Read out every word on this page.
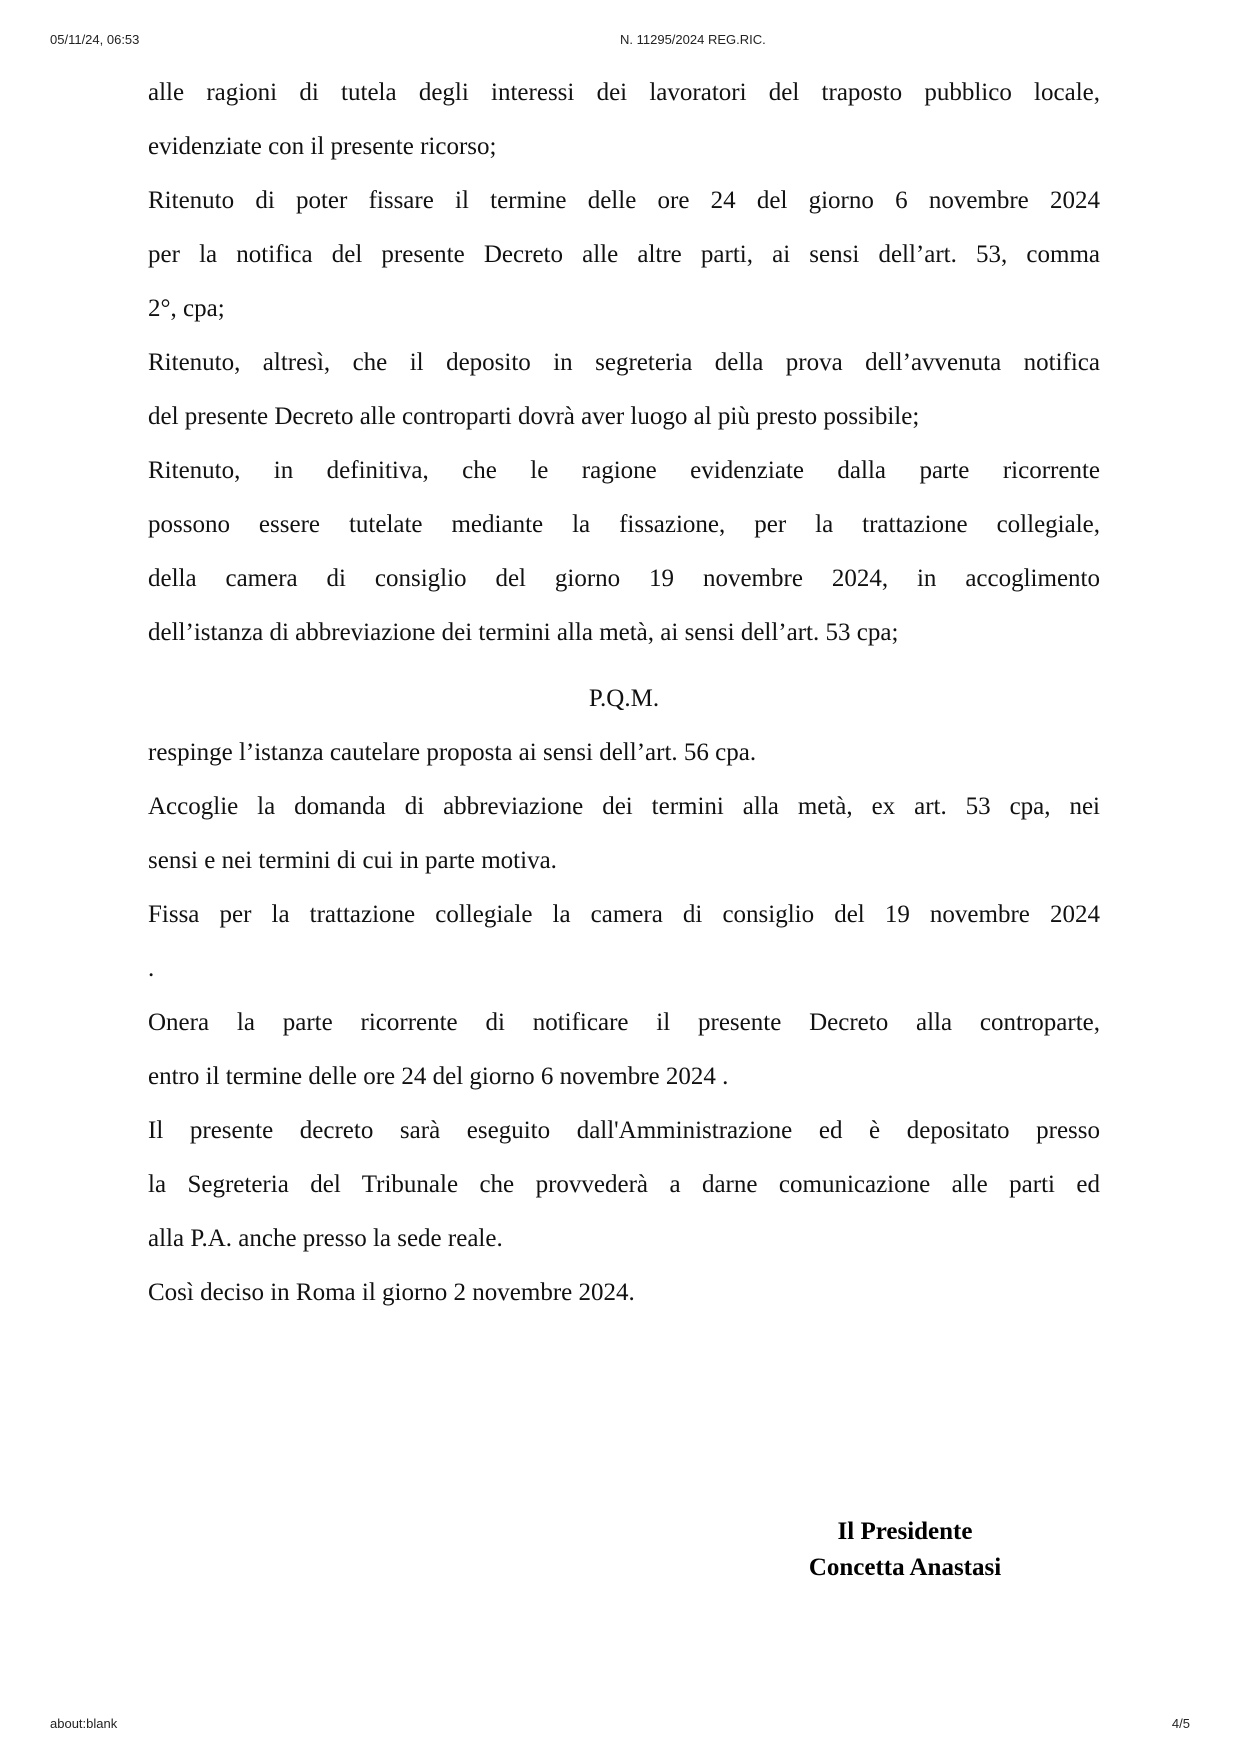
05/11/24, 06:53	N. 11295/2024 REG.RIC.
alle ragioni di tutela degli interessi dei lavoratori del traposto pubblico locale,
evidenziate con il presente ricorso;
Ritenuto di poter fissare il termine delle ore 24 del giorno 6 novembre 2024
per la notifica del presente Decreto alle altre parti, ai sensi dell’art. 53, comma
2°, cpa;
Ritenuto, altresì, che il deposito in segreteria della prova dell’avvenuta notifica
del presente Decreto alle controparti dovrà aver luogo al più presto possibile;
Ritenuto, in definitiva, che le ragione evidenziate dalla parte ricorrente
possono essere tutelate mediante la fissazione, per la trattazione collegiale,
della camera di consiglio del giorno 19 novembre 2024, in accoglimento
dell’istanza di abbreviazione dei termini alla metà, ai sensi dell’art. 53 cpa;
P.Q.M.
respinge l’istanza cautelare proposta ai sensi dell’art. 56 cpa.
Accoglie la domanda di abbreviazione dei termini alla metà, ex art. 53 cpa, nei
sensi e nei termini di cui in parte motiva.
Fissa per la trattazione collegiale la camera di consiglio del 19 novembre 2024
.
Onera la parte ricorrente di notificare il presente Decreto alla controparte,
entro il termine delle ore 24 del giorno 6 novembre 2024 .
Il presente decreto sarà eseguito dall'Amministrazione ed è depositato presso
la Segreteria del Tribunale che provvederà a darne comunicazione alle parti ed
alla P.A. anche presso la sede reale.
Così deciso in Roma il giorno 2 novembre 2024.
Il Presidente
Concetta Anastasi
about:blank	4/5
